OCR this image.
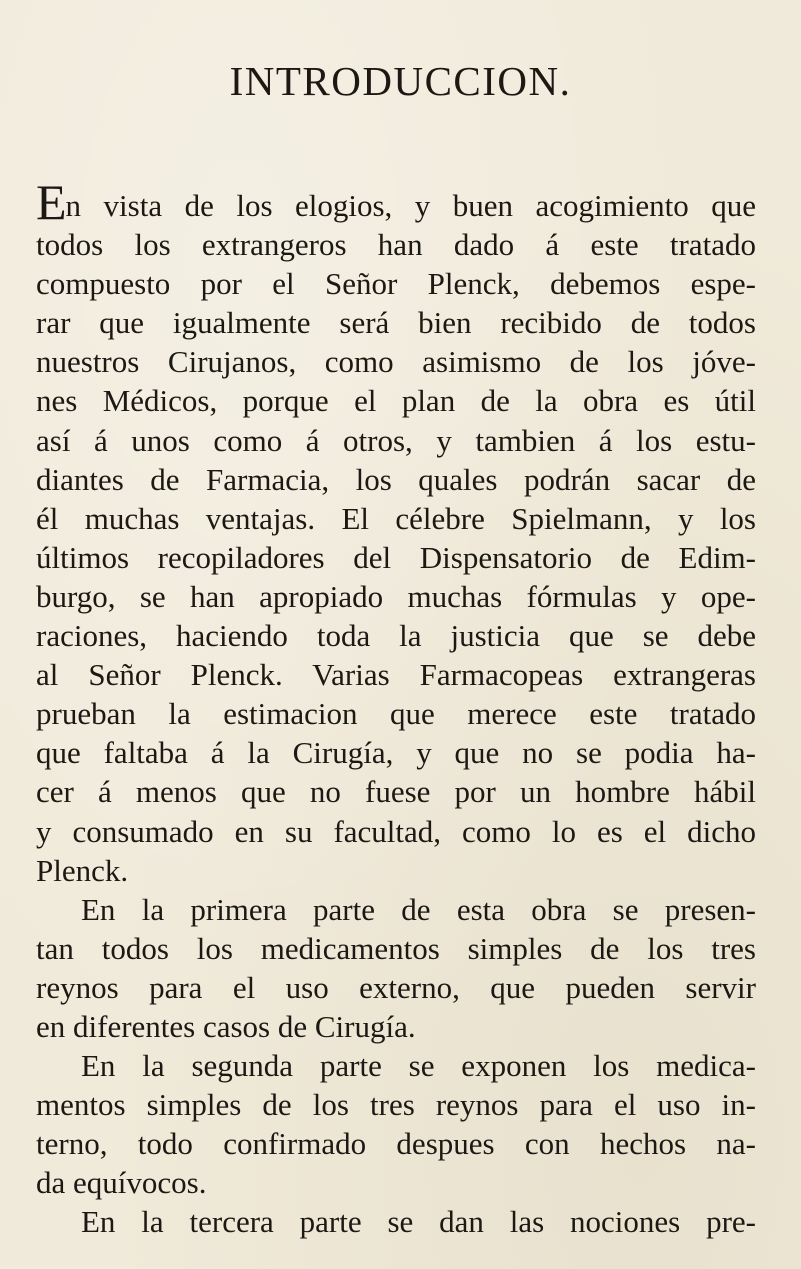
INTRODUCCION.
En vista de los elogios, y buen acogimiento que
todos los extrangeros han dado á este tratado
compuesto por el Señor Plenck, debemos espe-
rar que igualmente será bien recibido de todos
nuestros Cirujanos, como asimismo de los jóve-
nes Médicos, porque el plan de la obra es útil
así á unos como á otros, y tambien á los estu-
diantes de Farmacia, los quales podrán sacar de
él muchas ventajas. El célebre Spielmann, y los
últimos recopiladores del Dispensatorio de Edim-
burgo, se han apropiado muchas fórmulas y ope-
raciones, haciendo toda la justicia que se debe
al Señor Plenck. Varias Farmacopeas extrangeras
prueban la estimacion que merece este tratado
que faltaba á la Cirugía, y que no se podia ha-
cer á menos que no fuese por un hombre hábil
y consumado en su facultad, como lo es el dicho
Plenck.
En la primera parte de esta obra se presen-
tan todos los medicamentos simples de los tres
reynos para el uso externo, que pueden servir
en diferentes casos de Cirugía.
En la segunda parte se exponen los medica-
mentos simples de los tres reynos para el uso in-
terno, todo confirmado despues con hechos na-
da equívocos.
En la tercera parte se dan las nociones pre-
